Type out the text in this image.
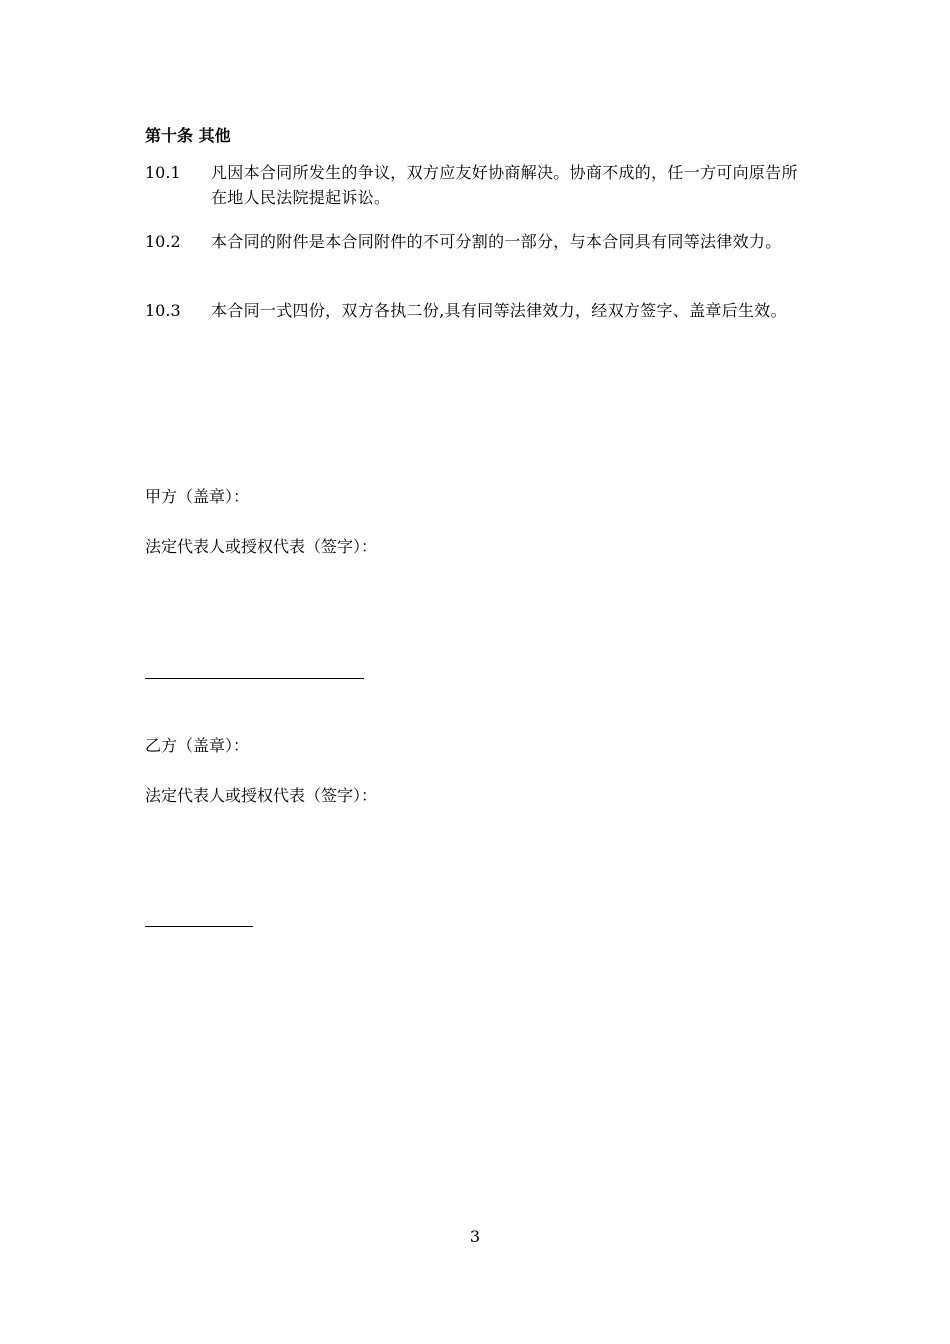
第十条 其他
10.1	凡因本合同所发生的争议，双方应友好协商解决。协商不成的，任一方可向原告所在地人民法院提起诉讼。
10.2	本合同的附件是本合同附件的不可分割的一部分，与本合同具有同等法律效力。
10.3	本合同一式四份，双方各执二份,具有同等法律效力，经双方签字、盖章后生效。
甲方（盖章）：
法定代表人或授权代表（签字）：
乙方（盖章）：
法定代表人或授权代表（签字）：
3
